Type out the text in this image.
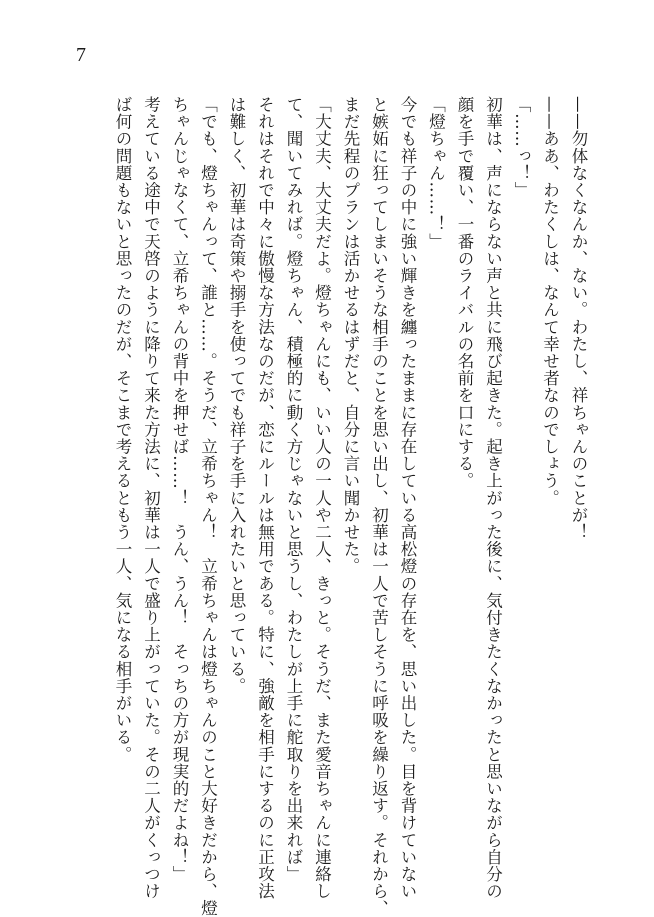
7
——勿体なくなんか、ない。わたし、祥ちゃんのことが！
——ああ、わたくしは、なんて幸せ者なのでしょう。
「……っ！」
初華は、声にならない声と共に飛び起きた。起き上がった後に、気付きたくなかったと思いながら自分の
顔を手で覆い、一番のライバルの名前を口にする。
「燈ちゃん……！」
今でも祥子の中に強い輝きを纏ったままに存在している高松燈の存在を、思い出した。目を背けていない
と嫉妬に狂ってしまいそうな相手のことを思い出し、初華は一人で苦しそうに呼吸を繰り返す。それから、
まだ先程のプランは活かせるはずだと、自分に言い聞かせた。
「大丈夫、大丈夫だよ。燈ちゃんにも、いい人の一人や二人、きっと。そうだ、また愛音ちゃんに連絡し
て、聞いてみれば。燈ちゃん、積極的に動く方じゃないと思うし、わたしが上手に舵取りを出来れば」
それはそれで中々に傲慢な方法なのだが、恋にルールは無用である。特に、強敵を相手にするのに正攻法
は難しく、初華は奇策や搦手を使ってでも祥子を手に入れたいと思っている。
「でも、燈ちゃんって、誰と……。そうだ、立希ちゃん！　立希ちゃんは燈ちゃんのこと大好きだから、燈
ちゃんじゃなくて、立希ちゃんの背中を押せば……！　うん、うん！　そっちの方が現実的だよね！」
考えている途中で天啓のように降りて来た方法に、初華は一人で盛り上がっていた。その二人がくっつけ
ば何の問題もないと思ったのだが、そこまで考えるともう一人、気になる相手がいる。
